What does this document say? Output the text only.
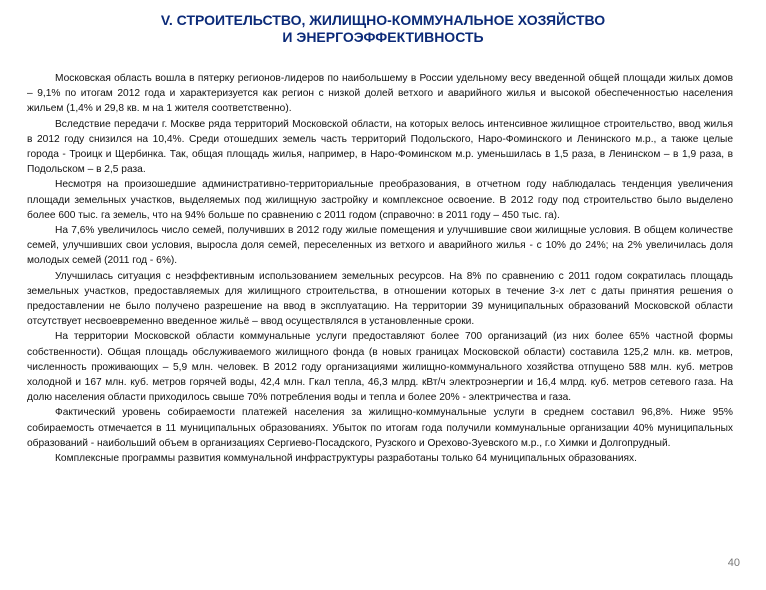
V. СТРОИТЕЛЬСТВО, ЖИЛИЩНО-КОММУНАЛЬНОЕ ХОЗЯЙСТВО
И ЭНЕРГОЭФФЕКТИВНОСТЬ

Московская область вошла в пятерку регионов-лидеров по наибольшему в России удельному весу введенной общей площади жилых домов – 9,1% по итогам 2012 года и характеризуется как регион с низкой долей ветхого и аварийного жилья и высокой обеспеченностью населения жильем (1,4% и 29,8 кв. м на 1 жителя соответственно).

Вследствие передачи г. Москве ряда территорий Московской области, на которых велось интенсивное жилищное строительство, ввод жилья в 2012 году снизился на 10,4%. Среди отошедших земель часть территорий Подольского, Наро-Фоминского и Ленинского м.р., а также целые города - Троицк и Щербинка. Так, общая площадь жилья, например, в Наро-Фоминском м.р. уменьшилась в 1,5 раза, в Ленинском – в 1,9 раза, в Подольском – в 2,5 раза.

Несмотря на произошедшие административно-территориальные преобразования, в отчетном году наблюдалась тенденция увеличения площади земельных участков, выделяемых под жилищную застройку и комплексное освоение. В 2012 году под строительство было выделено более 600 тыс. га земель, что на 94% больше по сравнению с 2011 годом (справочно: в 2011 году – 450 тыс. га).

На 7,6% увеличилось число семей, получивших в 2012 году жилые помещения и улучшившие свои жилищные условия. В общем количестве семей, улучшивших свои условия, выросла доля семей, переселенных из ветхого и аварийного жилья - с 10% до 24%; на 2% увеличилась доля молодых семей (2011 год - 6%).

Улучшилась ситуация с неэффективным использованием земельных ресурсов. На 8% по сравнению с 2011 годом сократилась площадь земельных участков, предоставляемых для жилищного строительства, в отношении которых в течение 3-х лет с даты принятия решения о предоставлении не было получено разрешение на ввод в эксплуатацию. На территории 39 муниципальных образований Московской области отсутствует несвоевременно введенное жильё – ввод осуществлялся в установленные сроки.

На территории Московской области коммунальные услуги предоставляют более 700 организаций (из них более 65% частной формы собственности). Общая площадь обслуживаемого жилищного фонда (в новых границах Московской области) составила 125,2 млн. кв. метров, численность проживающих – 5,9 млн. человек. В 2012 году организациями жилищно-коммунального хозяйства отпущено 588 млн. куб. метров холодной и 167 млн. куб. метров горячей воды, 42,4 млн. Гкал тепла, 46,3 млрд. кВт/ч электроэнергии и 16,4 млрд. куб. метров сетевого газа. На долю населения области приходилось свыше 70% потребления воды и тепла и более 20% - электричества и газа.

Фактический уровень собираемости платежей населения за жилищно-коммунальные услуги в среднем составил 96,8%. Ниже 95% собираемость отмечается в 11 муниципальных образованиях. Убыток по итогам года получили коммунальные организации 40% муниципальных образований - наибольший объем в организациях Сергиево-Посадского, Рузского и Орехово-Зуевского м.р., г.о Химки и Долгопрудный.

Комплексные программы развития коммунальной инфраструктуры разработаны только 64 муниципальных образованиях.

40
